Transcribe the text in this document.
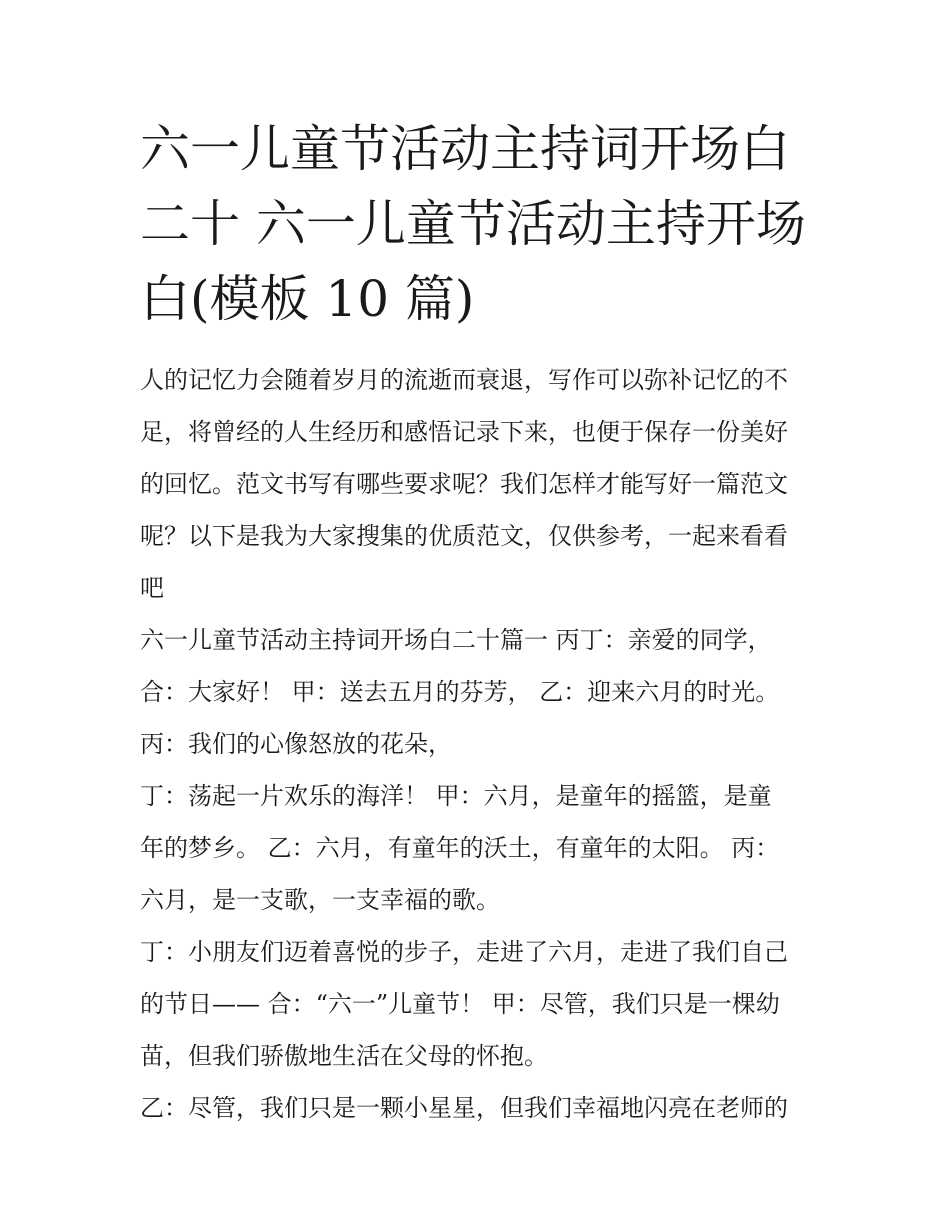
六一儿童节活动主持词开场白
二十 六一儿童节活动主持开场
白(模板 10 篇)
人的记忆力会随着岁月的流逝而衰退，写作可以弥补记忆的不
足，将曾经的人生经历和感悟记录下来，也便于保存一份美好
的回忆。范文书写有哪些要求呢？我们怎样才能写好一篇范文
呢？以下是我为大家搜集的优质范文，仅供参考，一起来看看
吧
六一儿童节活动主持词开场白二十篇一 丙丁：亲爱的同学，
合：大家好！ 甲：送去五月的芬芳， 乙：迎来六月的时光。
丙：我们的心像怒放的花朵，
丁：荡起一片欢乐的海洋！ 甲：六月，是童年的摇篮，是童
年的梦乡。 乙：六月，有童年的沃土，有童年的太阳。 丙：
六月，是一支歌，一支幸福的歌。
丁：小朋友们迈着喜悦的步子，走进了六月，走进了我们自己
的节日—— 合：“六一”儿童节！ 甲：尽管，我们只是一棵幼
苗，但我们骄傲地生活在父母的怀抱。
乙：尽管，我们只是一颗小星星，但我们幸福地闪亮在老师的
